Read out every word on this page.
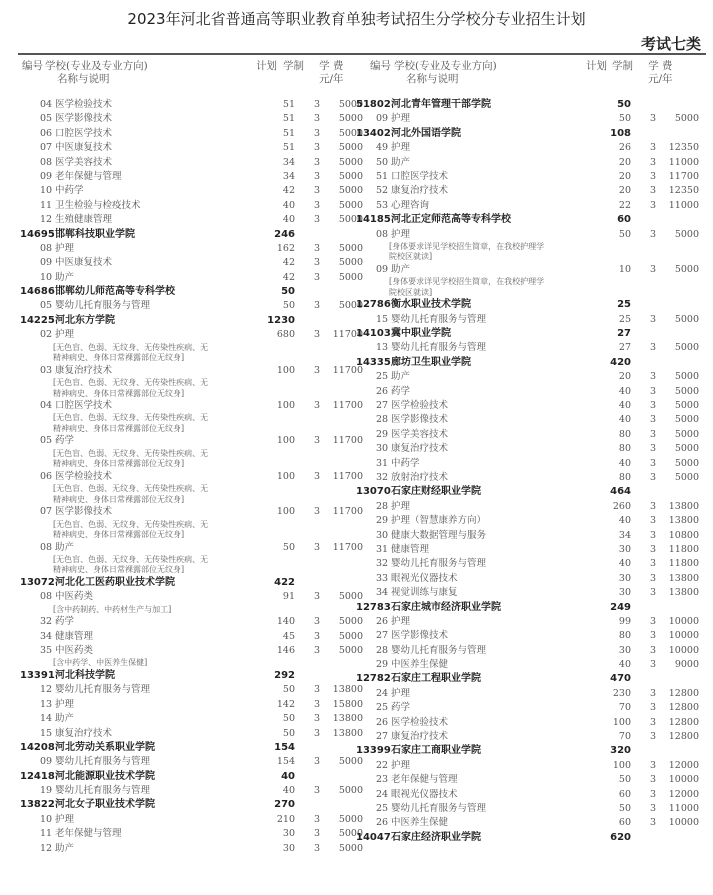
2023年河北省普通高等职业教育单独考试招生分学校分专业招生计划
考试七类
编号 学校(专业及专业方向)
名称与说明
计划 学制 学 费
元/年
编号 学校(专业及专业方向)
名称与说明
计划 学制 学 费
元/年
04 医学检验技术	51 3 5000
05 医学影像技术	51 3 5000
06 口腔医学技术	51 3 5000
07 中医康复技术	51 3 5000
08 医学美容技术	34 3 5000
09 老年保健与管理	34 3 5000
10 中药学	42 3 5000
11 卫生检验与检疫技术	40 3 5000
12 生殖健康管理	40 3 5000
14695 邯郸科技职业学院	246
08 护理	162 3 5000
09 中医康复技术	42 3 5000
10 助产	42 3 5000
14686 邯郸幼儿师范高等专科学校	50
05 婴幼儿托育服务与管理	50 3 5000
14225 河北东方学院	1230
02 护理	680 3 11700
[无色盲、色弱、无纹身、无传染性疾病、无
精神病史、身体日常裸露部位无纹身]
03 康复治疗技术	100 3 11700
[无色盲、色弱、无纹身、无传染性疾病、无
精神病史、身体日常裸露部位无纹身]
04 口腔医学技术	100 3 11700
[无色盲、色弱、无纹身、无传染性疾病、无
精神病史、身体日常裸露部位无纹身]
05 药学	100 3 11700
[无色盲、色弱、无纹身、无传染性疾病、无
精神病史、身体日常裸露部位无纹身]
06 医学检验技术	100 3 11700
[无色盲、色弱、无纹身、无传染性疾病、无
精神病史、身体日常裸露部位无纹身]
07 医学影像技术	100 3 11700
[无色盲、色弱、无纹身、无传染性疾病、无
精神病史、身体日常裸露部位无纹身]
08 助产	50 3 11700
[无色盲、色弱、无纹身、无传染性疾病、无
精神病史、身体日常裸露部位无纹身]
13072 河北化工医药职业技术学院	422
08 中医药类	91 3 5000
[含中药制药、中药材生产与加工]
32 药学	140 3 5000
34 健康管理	45 3 5000
35 中医药类	146 3 5000
[含中药学、中医养生保健]
13391 河北科技学院	292
12 婴幼儿托育服务与管理	50 3 13800
13 护理	142 3 15800
14 助产	50 3 13800
15 康复治疗技术	50 3 13800
14208 河北劳动关系职业学院	154
09 婴幼儿托育服务与管理	154 3 5000
12418 河北能源职业技术学院	40
19 婴幼儿托育服务与管理	40 3 5000
13822 河北女子职业技术学院	270
10 护理	210 3 5000
11 老年保健与管理	30 3 5000
12 助产	30 3 5000
51802 河北青年管理干部学院	50
09 护理	50 3 5000
13402 河北外国语学院	108
49 护理	26 3 12350
50 助产	20 3 11000
51 口腔医学技术	20 3 11700
52 康复治疗技术	20 3 12350
53 心理咨询	22 3 11000
14185 河北正定师范高等专科学校	60
08 护理	50 3 5000
[身体要求详见学校招生简章，在我校护理学
院校区就读]
09 助产	10 3 5000
[身体要求详见学校招生简章，在我校护理学
院校区就读]
12786 衡水职业技术学院	25
15 婴幼儿托育服务与管理	25 3 5000
14103 冀中职业学院	27
13 婴幼儿托育服务与管理	27 3 5000
14335 廊坊卫生职业学院	420
25 助产	20 3 5000
26 药学	40 3 5000
27 医学检验技术	40 3 5000
28 医学影像技术	40 3 5000
29 医学美容技术	80 3 5000
30 康复治疗技术	80 3 5000
31 中药学	40 3 5000
32 放射治疗技术	80 3 5000
13070 石家庄财经职业学院	464
28 护理	260 3 13800
29 护理（智慧康养方向）	40 3 13800
30 健康大数据管理与服务	34 3 10800
31 健康管理	30 3 11800
32 婴幼儿托育服务与管理	40 3 11800
33 眼视光仪器技术	30 3 13800
34 视觉训练与康复	30 3 13800
12783 石家庄城市经济职业学院	249
26 护理	99 3 10000
27 医学影像技术	80 3 10000
28 婴幼儿托育服务与管理	30 3 10000
29 中医养生保健	40 3 9000
12782 石家庄工程职业学院	470
24 护理	230 3 12800
25 药学	70 3 12800
26 医学检验技术	100 3 12800
27 康复治疗技术	70 3 12800
13399 石家庄工商职业学院	320
22 护理	100 3 12000
23 老年保健与管理	50 3 10000
24 眼视光仪器技术	60 3 12000
25 婴幼儿托育服务与管理	50 3 11000
26 中医养生保健	60 3 10000
14047 石家庄经济职业学院	620
